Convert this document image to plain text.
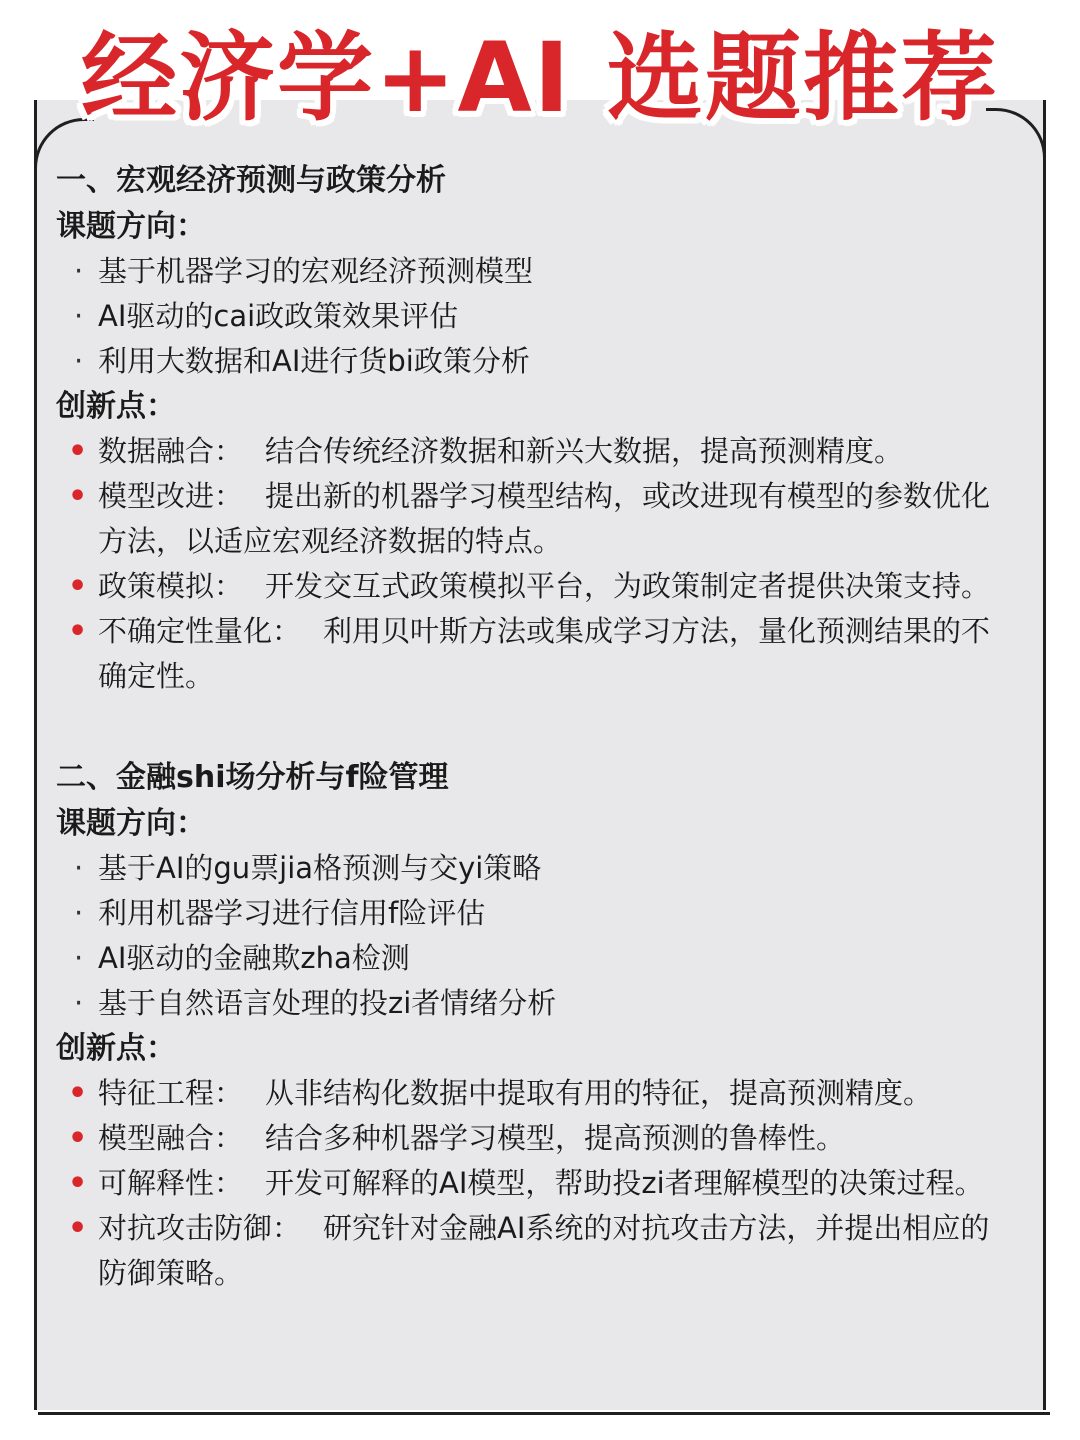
经济学+AI 选题推荐
一、宏观经济预测与政策分析
课题方向：
· 基于机器学习的宏观经济预测模型
· AI驱动的cai政政策效果评估
· 利用大数据和AI进行货bi政策分析
创新点：
• 数据融合： 结合传统经济数据和新兴大数据，提高预测精度。
• 模型改进： 提出新的机器学习模型结构，或改进现有模型的参数优化方法，以适应宏观经济数据的特点。
• 政策模拟： 开发交互式政策模拟平台，为政策制定者提供决策支持。
• 不确定性量化： 利用贝叶斯方法或集成学习方法，量化预测结果的不确定性。
二、金融shi场分析与f险管理
课题方向：
· 基于AI的gu票jia格预测与交yi策略
· 利用机器学习进行信用f险评估
· AI驱动的金融欺zha检测
· 基于自然语言处理的投zi者情绪分析
创新点：
• 特征工程： 从非结构化数据中提取有用的特征，提高预测精度。
• 模型融合： 结合多种机器学习模型，提高预测的鲁棒性。
• 可解释性： 开发可解释的AI模型，帮助投zi者理解模型的决策过程。
• 对抗攻击防御： 研究针对金融AI系统的对抗攻击方法，并提出相应的防御策略。
